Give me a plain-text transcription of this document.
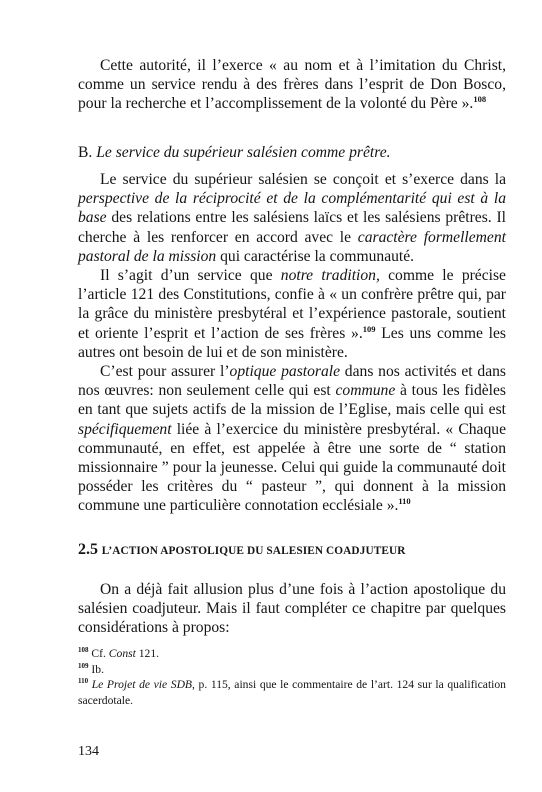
Cette autorité, il l’exerce « au nom et à l’imitation du Christ, comme un service rendu à des frères dans l’esprit de Don Bosco, pour la recherche et l’accomplissement de la volonté du Père ».$^{108}$

B. Le service du supérieur salésien comme prêtre.

Le service du supérieur salésien se conçoit et s’exerce dans la perspective de la réciprocité et de la complémentarité qui est à la base des relations entre les salésiens laïcs et les salésiens prêtres. Il cherche à les renforcer en accord avec le caractère formellement pastoral de la mission qui caractérise la communauté.

Il s’agit d’un service que notre tradition, comme le précise l’article 121 des Constitutions, confie à « un confrère prêtre qui, par la grâce du ministère presbytéral et l’expérience pastorale, soutient et oriente l’esprit et l’action de ses frères ».$^{109}$ Les uns comme les autres ont besoin de lui et de son ministère.

C’est pour assurer l’optique pastorale dans nos activités et dans nos œuvres: non seulement celle qui est commune à tous les fidèles en tant que sujets actifs de la mission de l’Eglise, mais celle qui est spécifiquement liée à l’exercice du ministère presbytéral. « Chaque communauté, en effet, est appelée à être une sorte de “ station missionnaire ” pour la jeunesse. Celui qui guide la communauté doit posséder les critères du “ pasteur ”, qui donnent à la mission commune une particulière connotation ecclésiale ».$^{110}$

2.5 L’ACTION APOSTOLIQUE DU SALESIEN COADJUTEUR

On a déjà fait allusion plus d’une fois à l’action apostolique du salésien coadjuteur. Mais il faut compléter ce chapitre par quelques considérations à propos:

$^{108}$ Cf. Const 121.

$^{109}$ Ib.

$^{110}$ Le Projet de vie SDB, p. 115, ainsi que le commentaire de l’art. 124 sur la qualification sacerdotale.

134
